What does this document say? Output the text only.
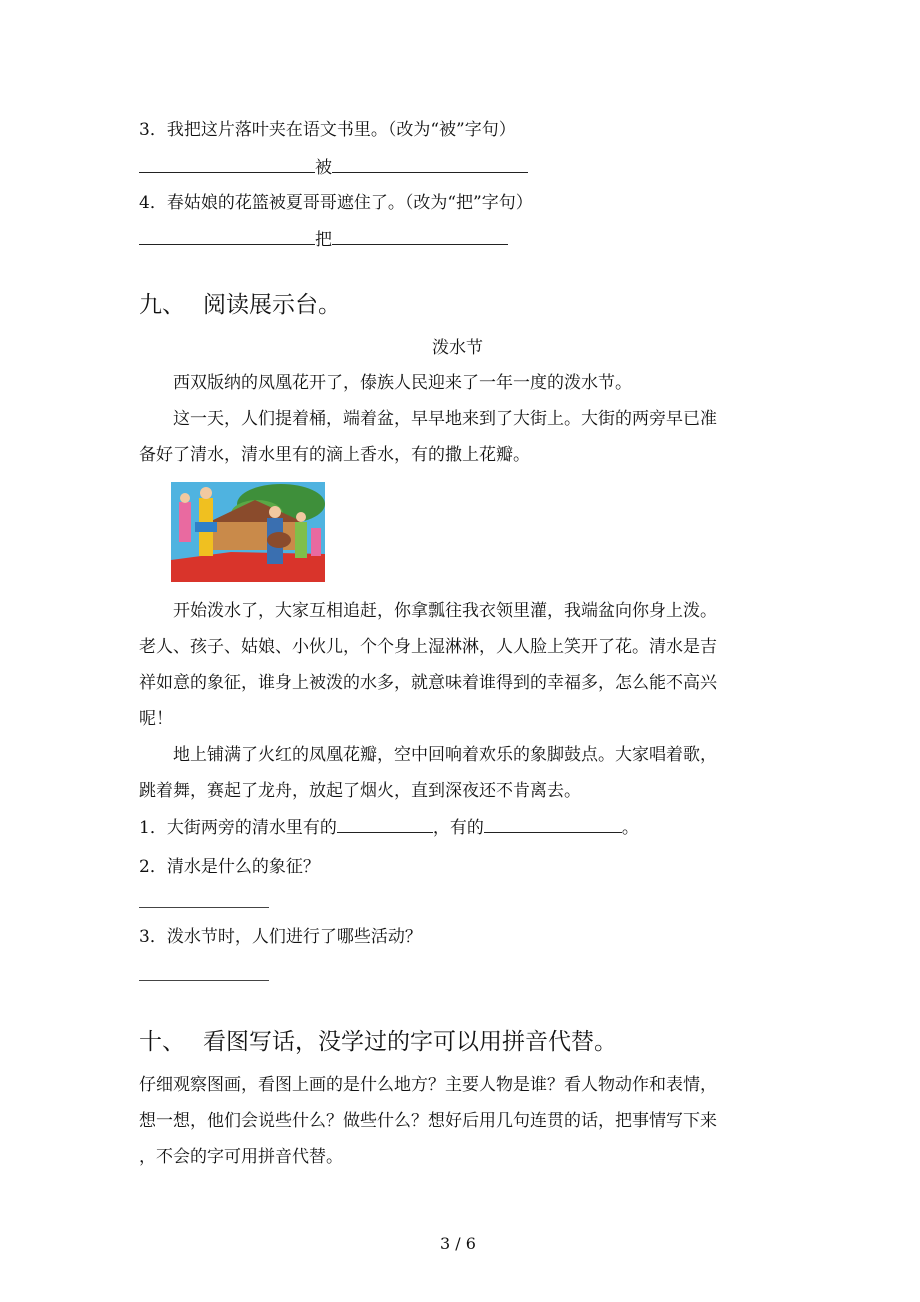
3．我把这片落叶夹在语文书里。（改为“被”字句）
被
4．春姑娘的花篮被夏哥哥遮住了。（改为“把”字句）
把
九、 阅读展示台。
泼水节
西双版纳的凤凰花开了，傣族人民迎来了一年一度的泼水节。
这一天，人们提着桶，端着盆，早早地来到了大街上。大街的两旁早已准
备好了清水，清水里有的滴上香水，有的撒上花瓣。
开始泼水了，大家互相追赶，你拿瓢往我衣领里灌，我端盆向你身上泼。
老人、孩子、姑娘、小伙儿，个个身上湿淋淋，人人脸上笑开了花。清水是吉
祥如意的象征，谁身上被泼的水多，就意味着谁得到的幸福多，怎么能不高兴
呢！
地上铺满了火红的凤凰花瓣，空中回响着欢乐的象脚鼓点。大家唱着歌，
跳着舞，赛起了龙舟，放起了烟火，直到深夜还不肯离去。
1．大街两旁的清水里有的	，有的	。
2．清水是什么的象征？
3．泼水节时，人们进行了哪些活动？
十、 看图写话，没学过的字可以用拼音代替。
仔细观察图画，看图上画的是什么地方？主要人物是谁？看人物动作和表情，
想一想，他们会说些什么？做些什么？想好后用几句连贯的话，把事情写下来
，不会的字可用拼音代替。
3 / 6
